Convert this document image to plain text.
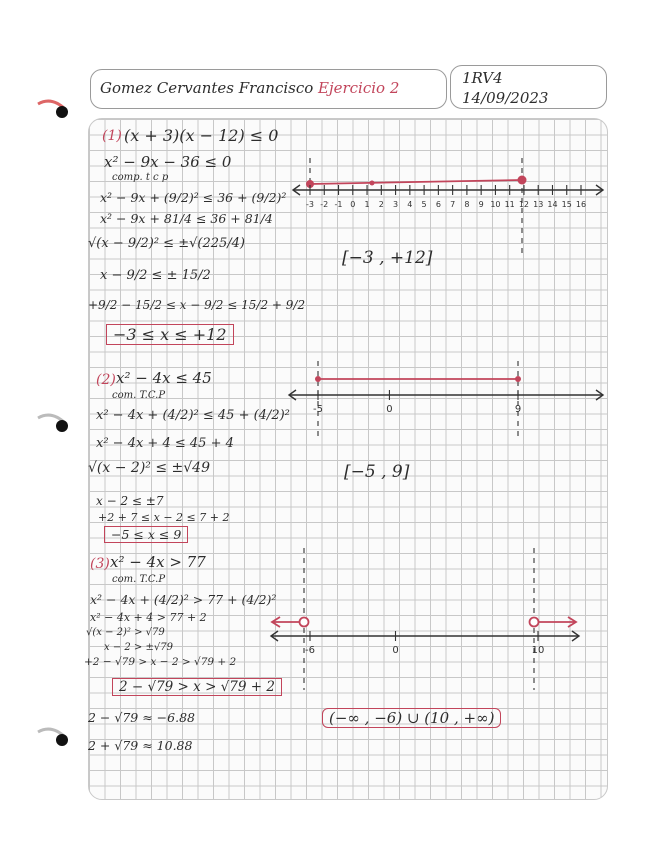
Gomez Cervantes Francisco Ejercicio 2
1RV4
14/09/2023
(1) (x + 3)(x − 12) ≤ 0
x² − 9x − 36 ≤ 0
comp. t c p
x² − 9x + (9/2)² ≤ 36 + (9/2)²
x² − 9x + 81/4 ≤ 36 + 81/4
√(x − 9/2)² ≤ ±√(225/4)
x − 9/2 ≤ ± 15/2
+9/2 − 15/2 ≤ x − 9/2 ≤ 15/2 + 9/2
−3 ≤ x ≤ +12
-3 -2 -1 0 1 2 3 4 5 6 7 8 9 10 11 12 13 14 15 16
[−3 , +12]
(2) x² − 4x ≤ 45
com. T.C.P
x² − 4x + (4/2)² ≤ 45 + (4/2)²
x² − 4x + 4 ≤ 45 + 4
√(x − 2)² ≤ ±√49
x − 2 ≤ ±7
+2 + 7 ≤ x − 2 ≤ 7 + 2
−5 ≤ x ≤ 9
-5	0	9
[−5 , 9]
(3) x² − 4x > 77
com. T.C.P
x² − 4x + (4/2)² > 77 + (4/2)²
x² − 4x + 4 > 77 + 2
√(x − 2)² > √79
x − 2 > ±√79
+2 − √79 > x − 2 > √79 + 2
2 − √79 > x > √79 + 2
2 − √79 ≈ −6.88
2 + √79 ≈ 10.88
-6	0	10
(−∞ , −6) ∪ (10 , +∞)
